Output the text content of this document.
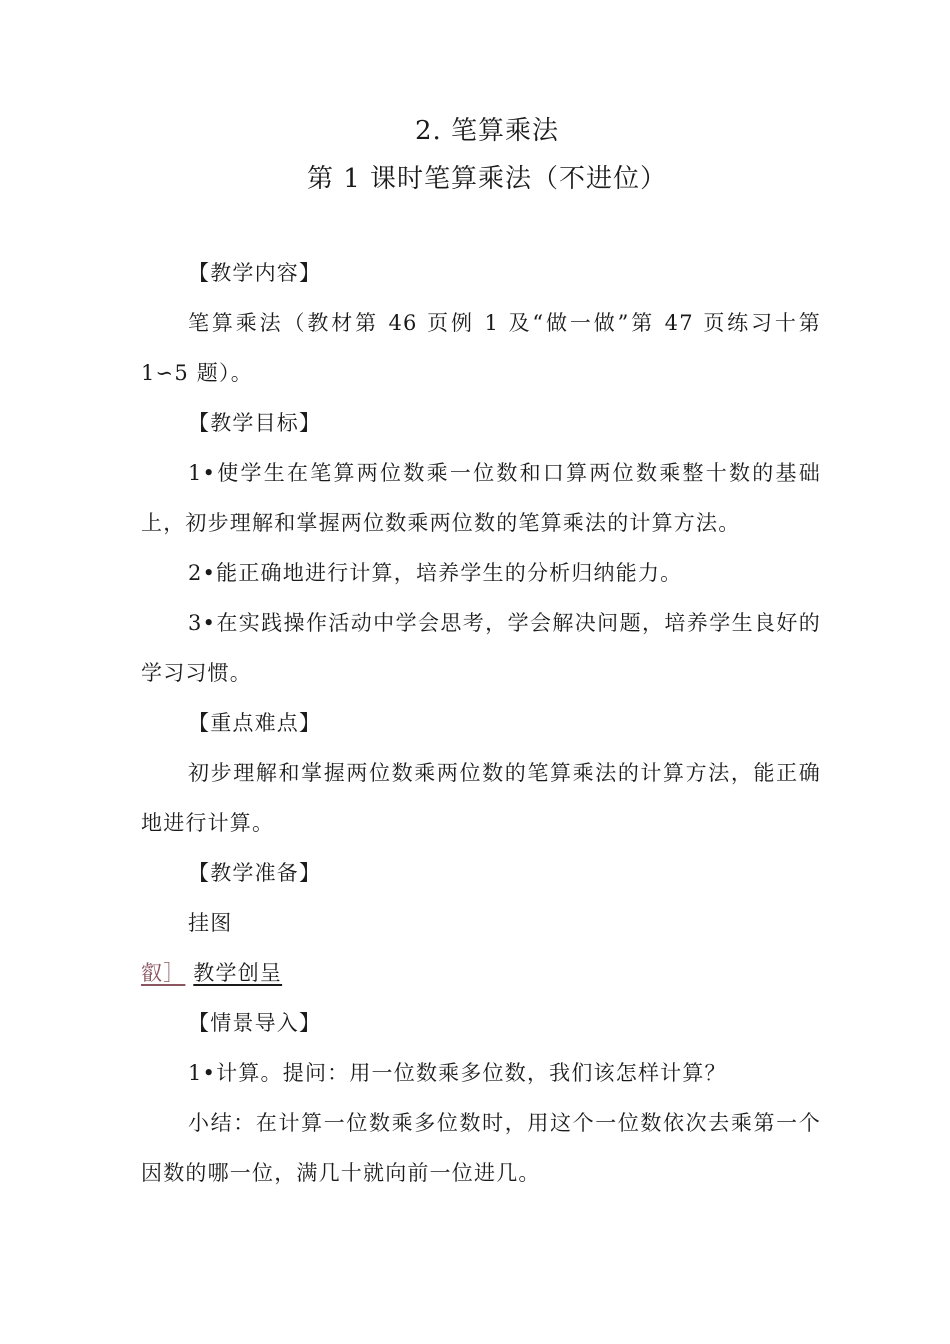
2. 笔算乘法
第 1 课时笔算乘法（不进位）

【教学内容】

笔算乘法（教材第 46 页例 1 及“做一做”第 47 页练习十第 1∽5 题）。

【教学目标】

1•使学生在笔算两位数乘一位数和口算两位数乘整十数的基础上，初步理解和掌握两位数乘两位数的笔算乘法的计算方法。

2•能正确地进行计算，培养学生的分析归纳能力。

3•在实践操作活动中学会思考，学会解决问题，培养学生良好的学习习惯。

【重点难点】

初步理解和掌握两位数乘两位数的笔算乘法的计算方法，能正确地进行计算。

【教学准备】

挂图

叡］ 教学创呈

【情景导入】

1•计算。提问：用一位数乘多位数，我们该怎样计算？

小结：在计算一位数乘多位数时，用这个一位数依次去乘第一个因数的哪一位，满几十就向前一位进几。
